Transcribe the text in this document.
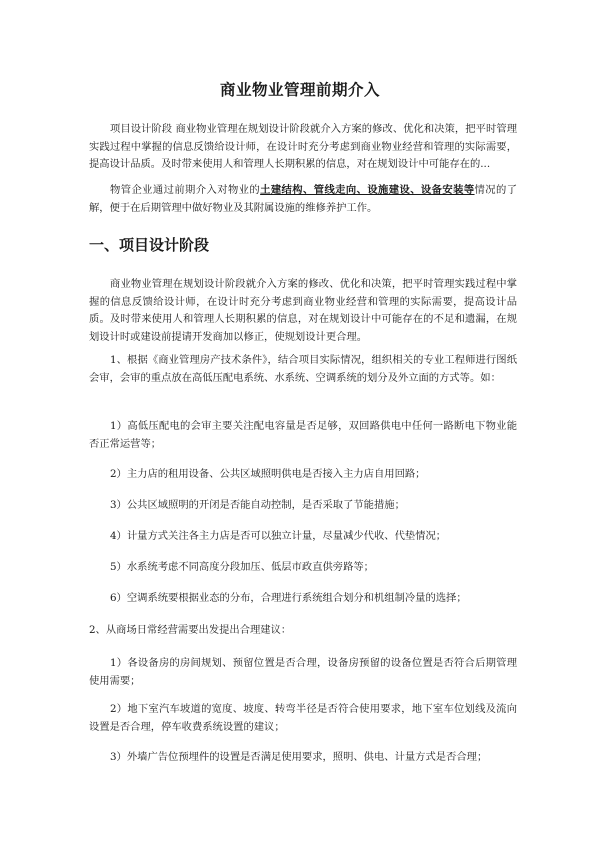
商业物业管理前期介入

项目设计阶段 商业物业管理在规划设计阶段就介入方案的修改、优化和决策，把平时管理实践过程中掌握的信息反馈给设计师，在设计时充分考虑到商业物业经营和管理的实际需要，提高设计品质。及时带来使用人和管理人长期积累的信息，对在规划设计中可能存在的...

物管企业通过前期介入对物业的土建结构、管线走向、设施建设、设备安装等情况的了解，便于在后期管理中做好物业及其附属设施的维修养护工作。

一、项目设计阶段

商业物业管理在规划设计阶段就介入方案的修改、优化和决策，把平时管理实践过程中掌握的信息反馈给设计师，在设计时充分考虑到商业物业经营和管理的实际需要，提高设计品质。及时带来使用人和管理人长期积累的信息，对在规划设计中可能存在的不足和遗漏，在规划设计时或建设前提请开发商加以修正，使规划设计更合理。

1、根据《商业管理房产技术条件》，结合项目实际情况，组织相关的专业工程师进行图纸会审，会审的重点放在高低压配电系统、水系统、空调系统的划分及外立面的方式等。如：

1）高低压配电的会审主要关注配电容量是否足够，双回路供电中任何一路断电下物业能否正常运营等；

2）主力店的租用设备、公共区域照明供电是否接入主力店自用回路；

3）公共区域照明的开闭是否能自动控制，是否采取了节能措施；

4）计量方式关注各主力店是否可以独立计量，尽量减少代收、代垫情况；

5）水系统考虑不同高度分段加压、低层市政直供旁路等；

6）空调系统要根据业态的分布，合理进行系统组合划分和机组制冷量的选择；

2、从商场日常经营需要出发提出合理建议：

1）各设备房的房间规划、预留位置是否合理，设备房预留的设备位置是否符合后期管理使用需要；

2）地下室汽车坡道的宽度、坡度、转弯半径是否符合使用要求，地下室车位划线及流向设置是否合理，停车收费系统设置的建议；

3）外墙广告位预埋件的设置是否满足使用要求，照明、供电、计量方式是否合理；
